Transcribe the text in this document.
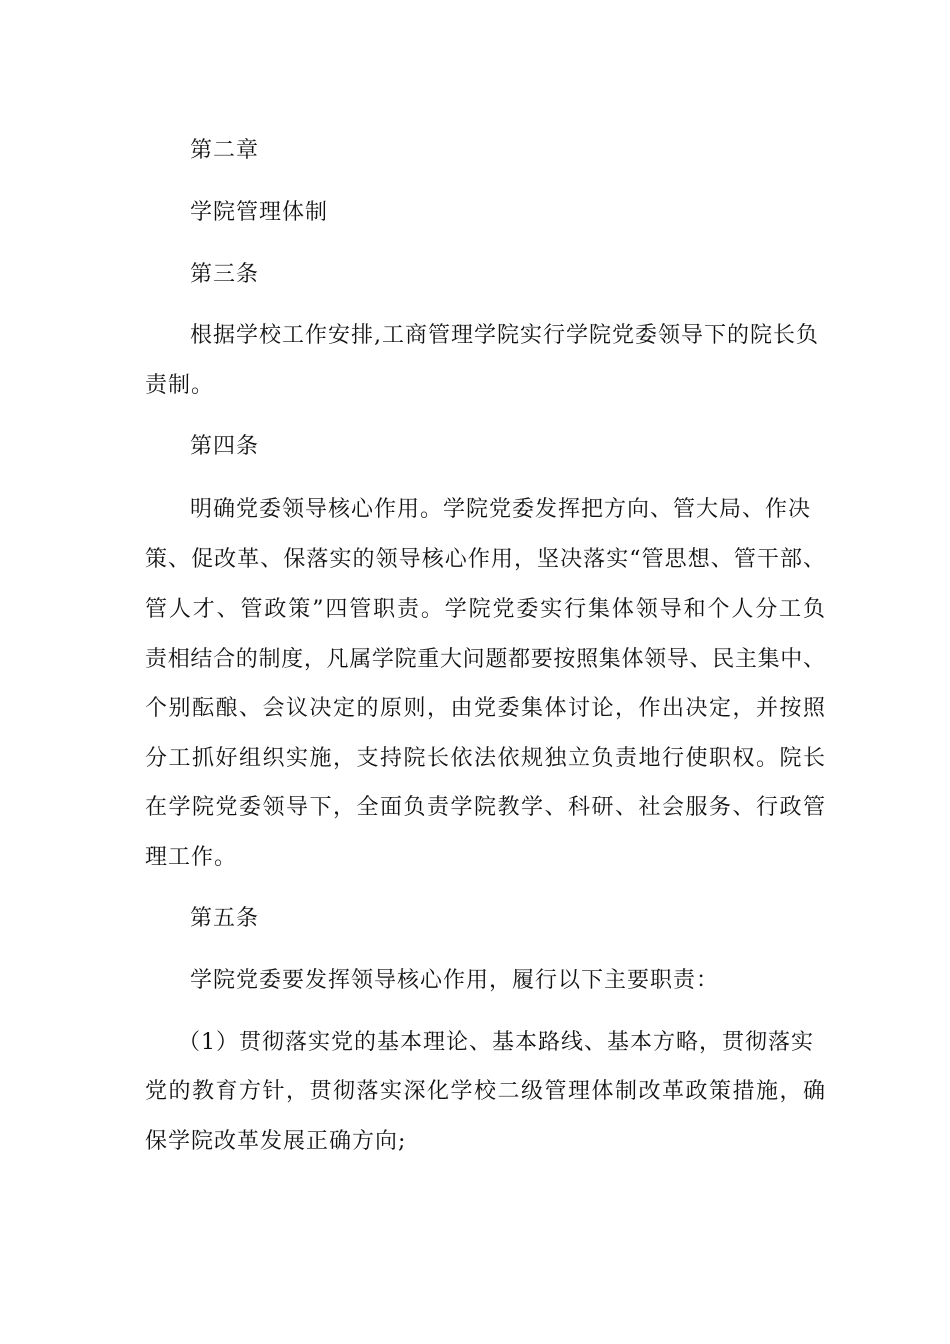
第二章
学院管理体制
第三条
根据学校工作安排,工商管理学院实行学院党委领导下的院长负
责制。
第四条
明确党委领导核心作用。学院党委发挥把方向、管大局、作决
策、促改革、保落实的领导核心作用，坚决落实“管思想、管干部、
管人才、管政策”四管职责。学院党委实行集体领导和个人分工负
责相结合的制度，凡属学院重大问题都要按照集体领导、民主集中、
个别酝酿、会议决定的原则，由党委集体讨论，作出决定，并按照
分工抓好组织实施，支持院长依法依规独立负责地行使职权。院长
在学院党委领导下，全面负责学院教学、科研、社会服务、行政管
理工作。
第五条
学院党委要发挥领导核心作用，履行以下主要职责：
（1）贯彻落实党的基本理论、基本路线、基本方略，贯彻落实
党的教育方针，贯彻落实深化学校二级管理体制改革政策措施，确
保学院改革发展正确方向;
